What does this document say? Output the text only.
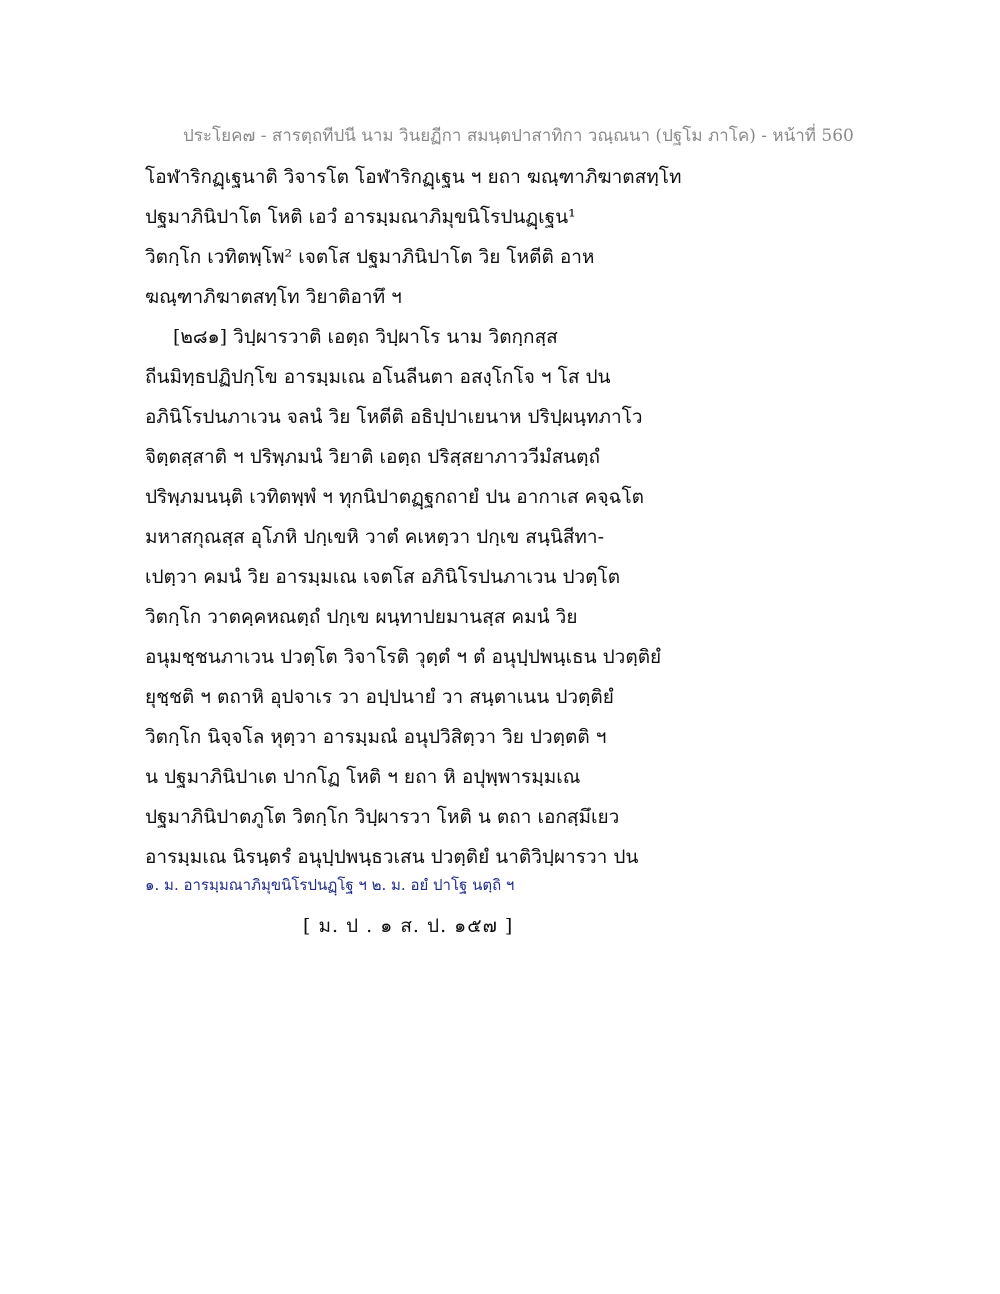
ประโยค๗ - สารตฺถทีปนี นาม วินยฏีกา สมนฺตปาสาทิกา วณฺณนา (ปฐโม ภาโค) - หน้าที่ 560
โอฬาริกฏฺเฐนาติ วิจารโต โอฬาริกฏฺเฐน ฯ ยถา ฆณฺฑาภิฆาตสทฺโท
ปฐมาภินิปาโต โหติ เอวํ อารมฺมณาภิมุขนิโรปนฏฺเฐน¹
วิตกฺโก เวทิตพฺโพ² เจตโส ปฐมาภินิปาโต วิย โหตีติ อาห
ฆณฺฑาภิฆาตสทฺโท วิยาติอาทึ ฯ
[๒๘๑] วิปฺผารวาติ เอตฺถ วิปฺผาโร นาม วิตกฺกสฺส
ถีนมิทฺธปฏิปกฺโข อารมฺมเณ อโนลีนตา อสงฺโกโจ ฯ โส ปน
อภินิโรปนภาเวน จลนํ วิย โหตีติ อธิปฺปาเยนาห ปริปฺผนฺทภาโว
จิตฺตสฺสาติ ฯ ปริพฺภมนํ วิยาติ เอตฺถ ปริสฺสยาภาววีมํสนตฺถํ
ปริพฺภมนนฺติ เวทิตพฺพํ ฯ ทุกนิปาตฏฺฐกถายํ ปน อากาเส คจฺฉโต
มหาสกุณสฺส อุโภหิ ปกฺเขหิ วาตํ คเหตฺวา ปกฺเข สนฺนิสีทา-
เปตฺวา คมนํ วิย อารมฺมเณ เจตโส อภินิโรปนภาเวน ปวตฺโต
วิตกฺโก วาตคฺคหณตฺถํ ปกฺเข ผนฺทาปยมานสฺส คมนํ วิย
อนุมชฺชนภาเวน ปวตฺโต วิจาโรติ วุตฺตํ ฯ ตํ อนุปฺปพนฺเธน ปวตฺติยํ
ยุชฺชติ ฯ ตถาหิ อุปจาเร วา อปฺปนายํ วา สนฺตาเนน ปวตฺติยํ
วิตกฺโก นิจฺจโล หุตฺวา อารมฺมณํ อนุปวิสิตฺวา วิย ปวตฺตติ ฯ
น ปฐมาภินิปาเต ปากโฏ โหติ ฯ ยถา หิ อปุพฺพารมฺมเณ
ปฐมาภินิปาตภูโต วิตกฺโก วิปฺผารวา โหติ น ตถา เอกสฺมึเยว
อารมฺมเณ นิรนฺตรํ อนุปฺปพนฺธวเสน ปวตฺติยํ นาติวิปฺผารวา ปน
๑. ม. อารมฺมณาภิมุขนิโรปนฏฺโฐ ฯ ๒. ม. อยํ ปาโฐ นตฺถิ ฯ
[ ม. ป . ๑ ส. ป. ๑๕๗ ]
